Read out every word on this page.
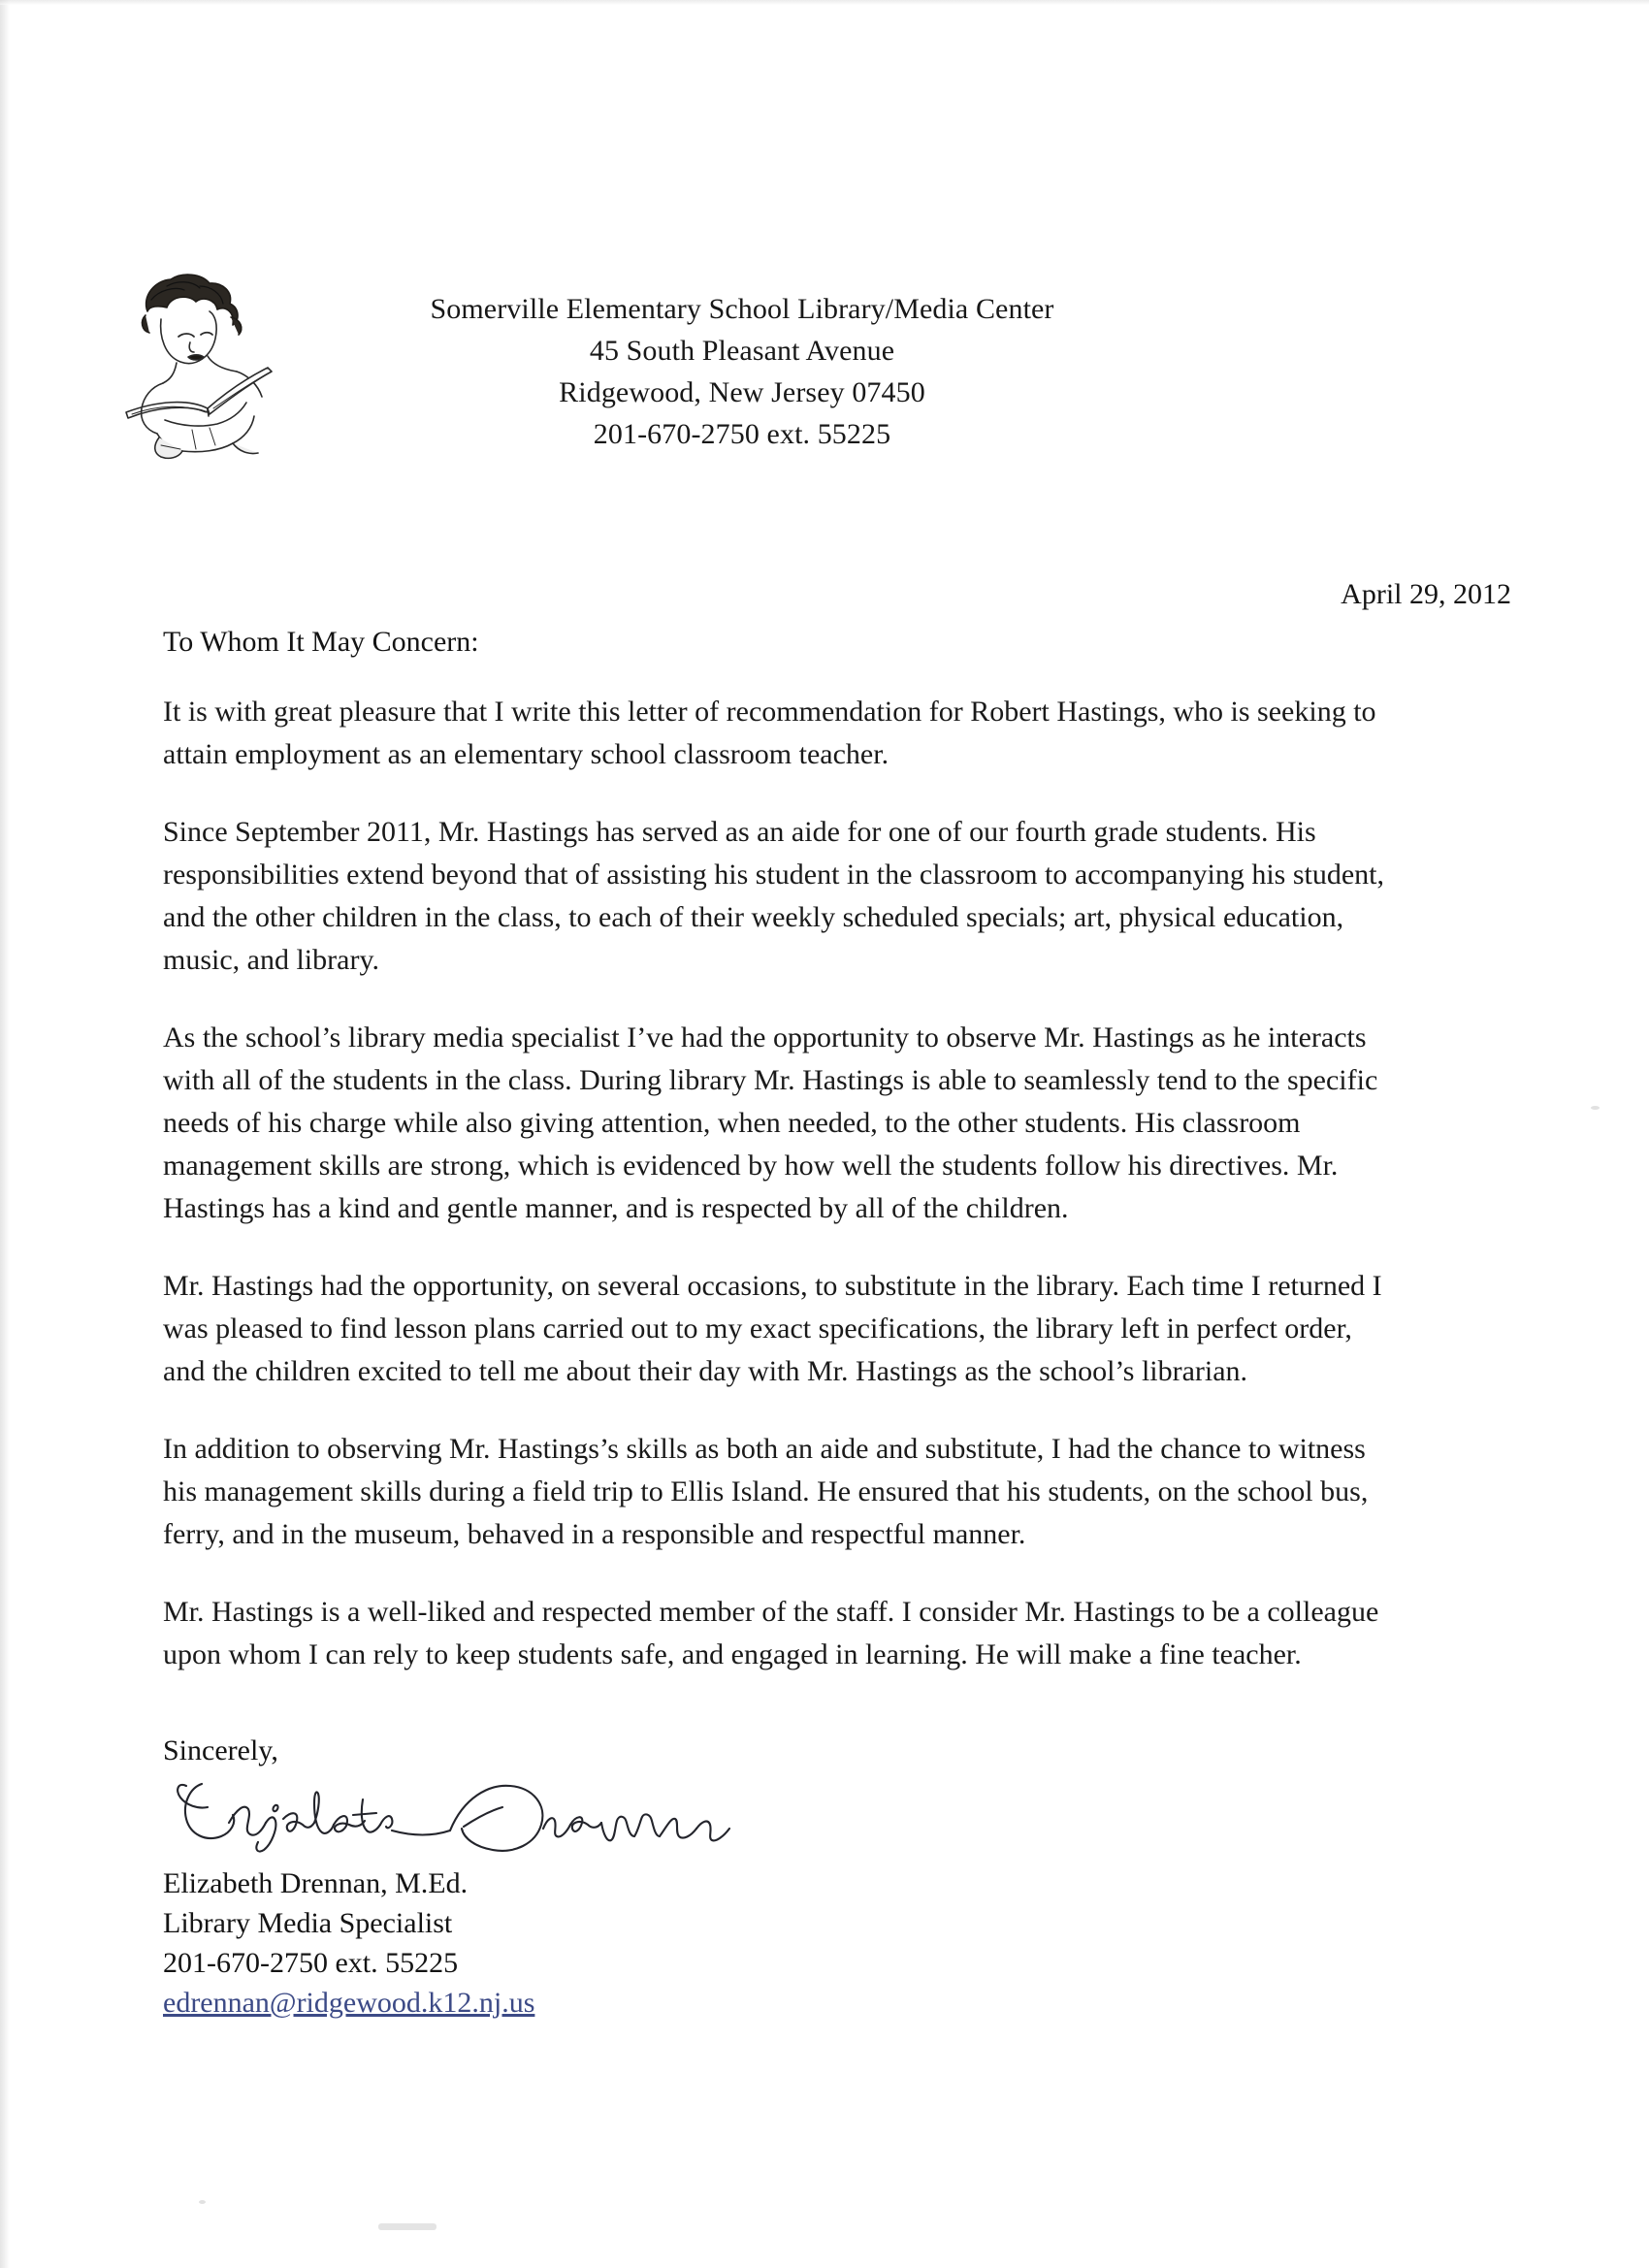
Somerville Elementary School Library/Media Center
45 South Pleasant Avenue
Ridgewood, New Jersey 07450
201-670-2750 ext. 55225
April 29, 2012
To Whom It May Concern:

It is with great pleasure that I write this letter of recommendation for Robert Hastings, who is seeking to attain employment as an elementary school classroom teacher.

Since September 2011, Mr. Hastings has served as an aide for one of our fourth grade students. His responsibilities extend beyond that of assisting his student in the classroom to accompanying his student, and the other children in the class, to each of their weekly scheduled specials; art, physical education, music, and library.

As the school’s library media specialist I’ve had the opportunity to observe Mr. Hastings as he interacts with all of the students in the class. During library Mr. Hastings is able to seamlessly tend to the specific needs of his charge while also giving attention, when needed, to the other students. His classroom management skills are strong, which is evidenced by how well the students follow his directives. Mr. Hastings has a kind and gentle manner, and is respected by all of the children.

Mr. Hastings had the opportunity, on several occasions, to substitute in the library. Each time I returned I was pleased to find lesson plans carried out to my exact specifications, the library left in perfect order, and the children excited to tell me about their day with Mr. Hastings as the school’s librarian.

In addition to observing Mr. Hastings’s skills as both an aide and substitute, I had the chance to witness his management skills during a field trip to Ellis Island. He ensured that his students, on the school bus, ferry, and in the museum, behaved in a responsible and respectful manner.

Mr. Hastings is a well-liked and respected member of the staff. I consider Mr. Hastings to be a colleague upon whom I can rely to keep students safe, and engaged in learning. He will make a fine teacher.

Sincerely,
Elizabeth Drennan, M.Ed.
Library Media Specialist
201-670-2750 ext. 55225
edrennan@ridgewood.k12.nj.us
